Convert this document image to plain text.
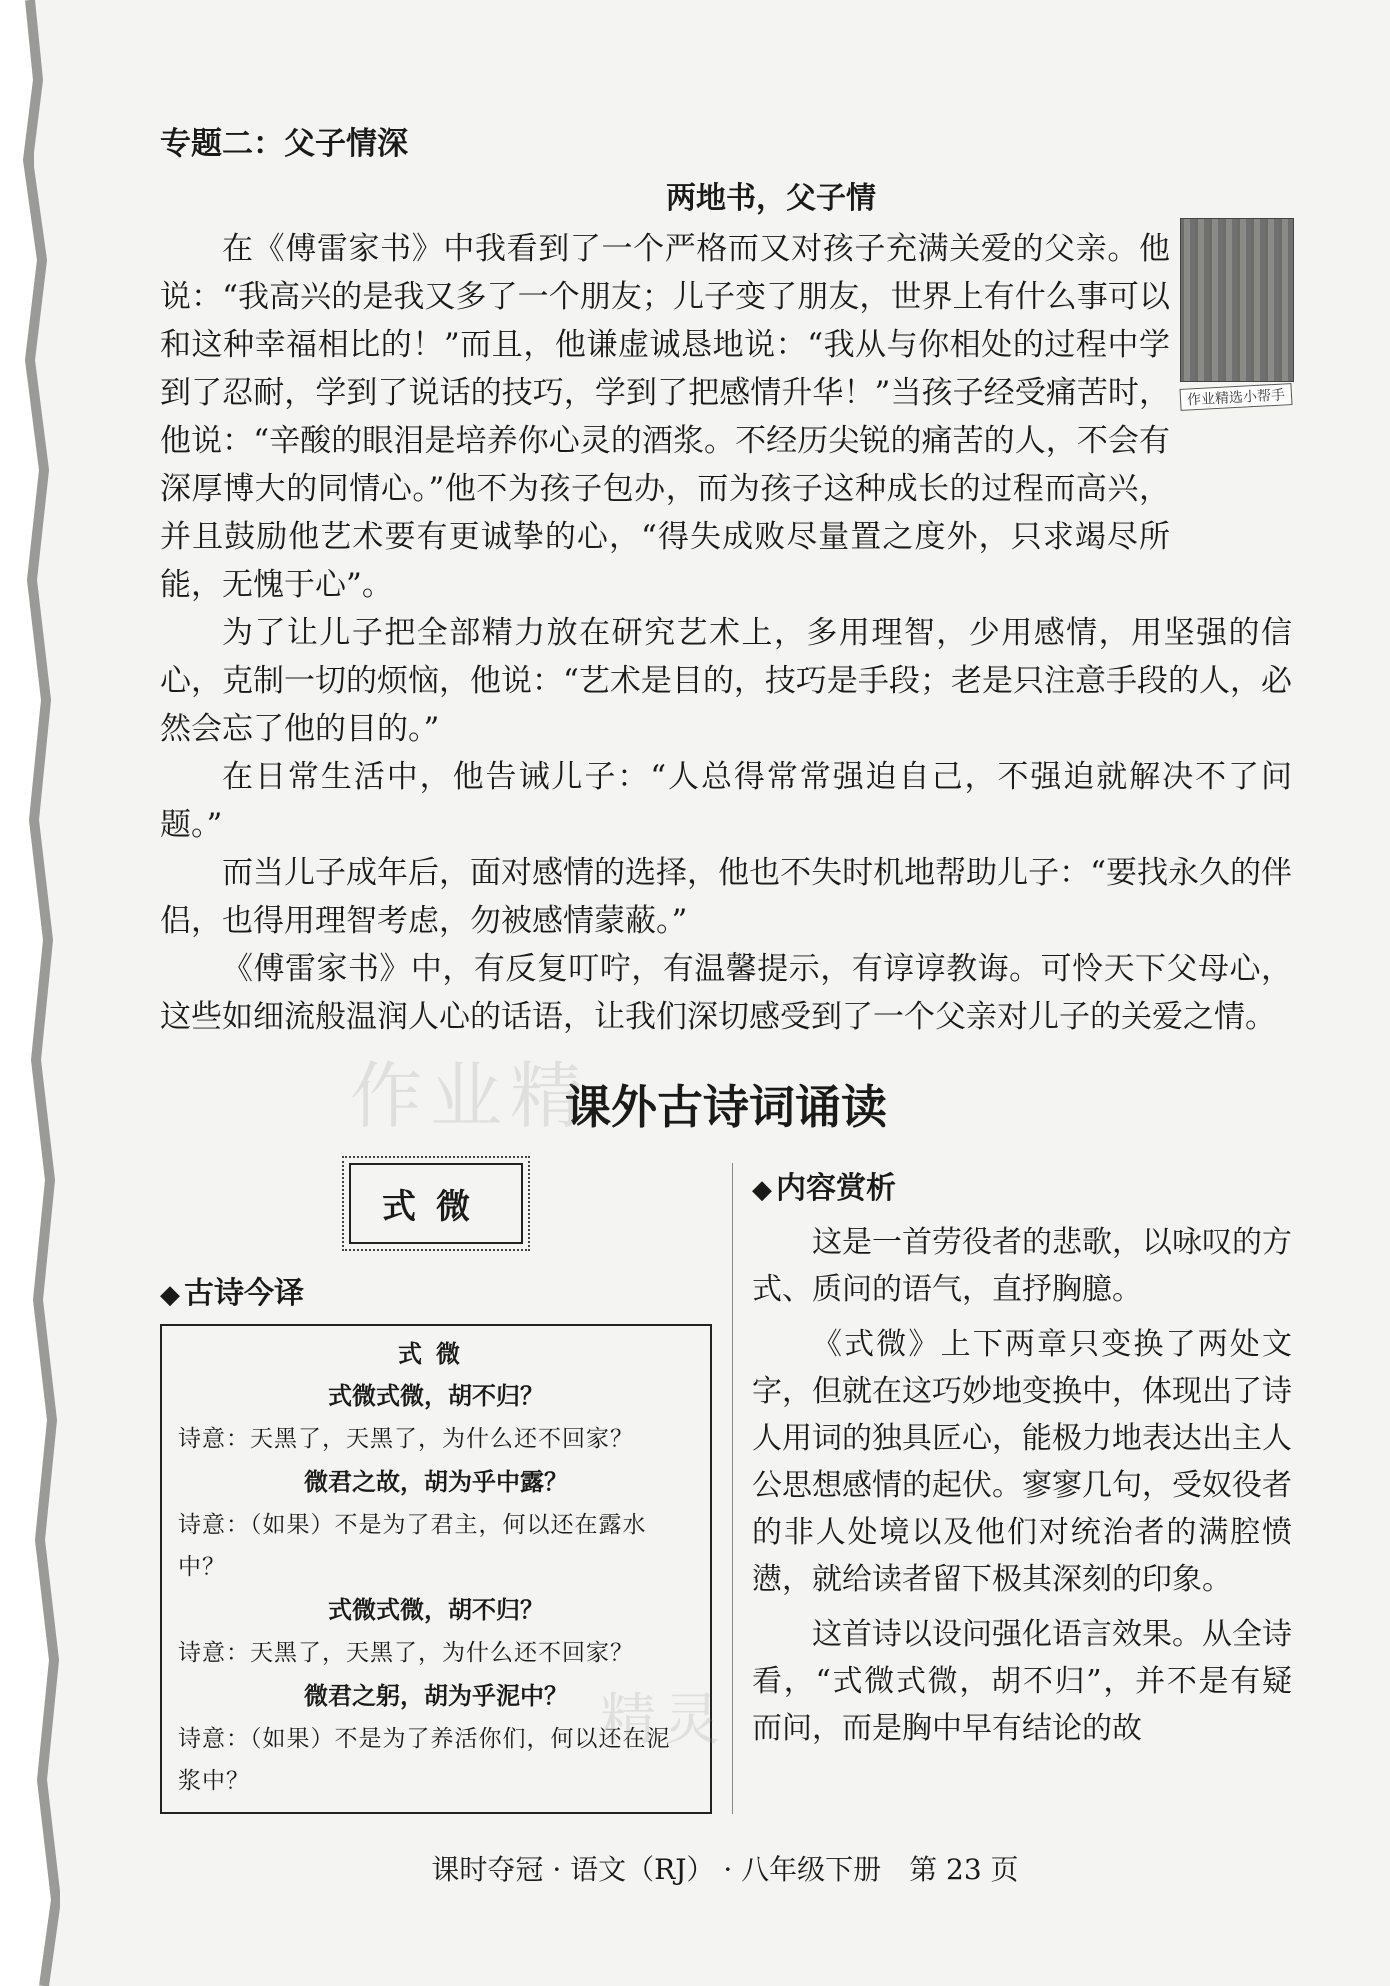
专题二：父子情深
两地书，父子情
作业精选小帮手

在《傅雷家书》中我看到了一个严格而又对孩子充满关爱的父亲。他说：“我高兴的是我又多了一个朋友；儿子变了朋友，世界上有什么事可以和这种幸福相比的！”而且，他谦虚诚恳地说：“我从与你相处的过程中学到了忍耐，学到了说话的技巧，学到了把感情升华！”当孩子经受痛苦时，他说：“辛酸的眼泪是培养你心灵的酒浆。不经历尖锐的痛苦的人，不会有深厚博大的同情心。”他不为孩子包办，而为孩子这种成长的过程而高兴，并且鼓励他艺术要有更诚挚的心，“得失成败尽量置之度外，只求竭尽所能，无愧于心”。

为了让儿子把全部精力放在研究艺术上，多用理智，少用感情，用坚强的信心，克制一切的烦恼，他说：“艺术是目的，技巧是手段；老是只注意手段的人，必然会忘了他的目的。”

在日常生活中，他告诫儿子：“人总得常常强迫自己，不强迫就解决不了问题。”

而当儿子成年后，面对感情的选择，他也不失时机地帮助儿子：“要找永久的伴侣，也得用理智考虑，勿被感情蒙蔽。”

《傅雷家书》中，有反复叮咛，有温馨提示，有谆谆教诲。可怜天下父母心，这些如细流般温润人心的话语，让我们深切感受到了一个父亲对儿子的关爱之情。

作业精
精灵
课外古诗词诵读
式微
◆ 古诗今译
式微
式微式微，胡不归？
诗意：天黑了，天黑了，为什么还不回家？
微君之故，胡为乎中露？
诗意：（如果）不是为了君主，何以还在露水中？
式微式微，胡不归？
诗意：天黑了，天黑了，为什么还不回家？
微君之躬，胡为乎泥中？
诗意：（如果）不是为了养活你们，何以还在泥浆中？
◆ 内容赏析

这是一首劳役者的悲歌，以咏叹的方式、质问的语气，直抒胸臆。

《式微》上下两章只变换了两处文字，但就在这巧妙地变换中，体现出了诗人用词的独具匠心，能极力地表达出主人公思想感情的起伏。寥寥几句，受奴役者的非人处境以及他们对统治者的满腔愤懑，就给读者留下极其深刻的印象。

这首诗以设问强化语言效果。从全诗看，“式微式微，胡不归”，并不是有疑而问，而是胸中早有结论的故

课时夺冠 · 语文（RJ） · 八年级下册　第 23 页
